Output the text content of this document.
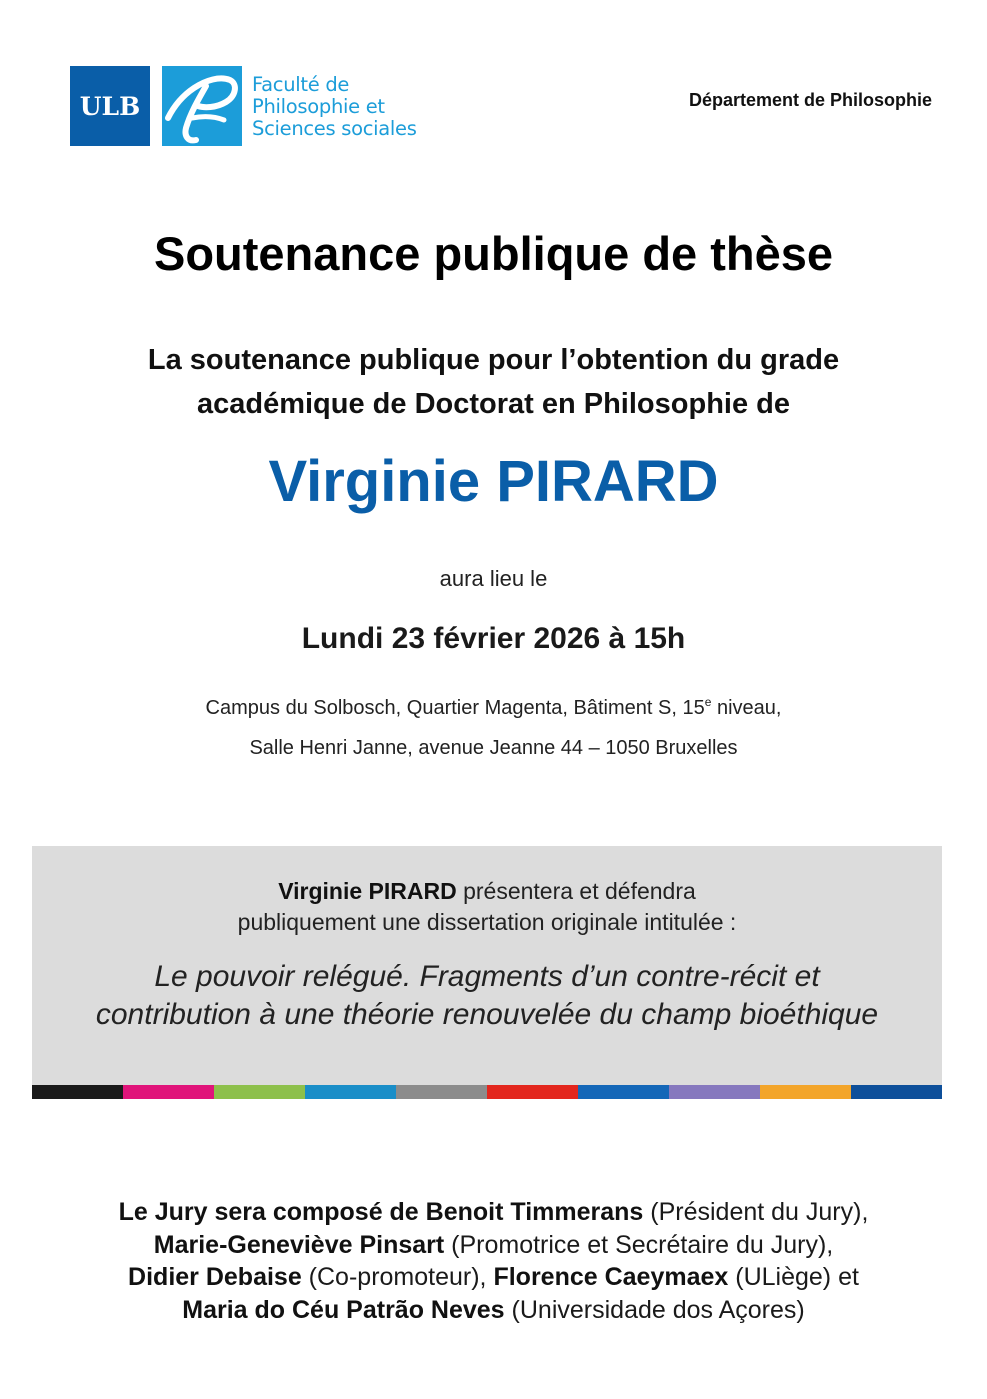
ULB
Faculté de
Philosophie et
Sciences sociales
Département de Philosophie
Soutenance publique de thèse
La soutenance publique pour l’obtention du grade
académique de Doctorat en Philosophie de
Virginie PIRARD
aura lieu le
Lundi 23 février 2026 à 15h
Campus du Solbosch, Quartier Magenta, Bâtiment S, 15e niveau,
Salle Henri Janne, avenue Jeanne 44 – 1050 Bruxelles
Virginie PIRARD présentera et défendra
publiquement une dissertation originale intitulée :
Le pouvoir relégué. Fragments d’un contre-récit et
contribution à une théorie renouvelée du champ bioéthique
Le Jury sera composé de Benoit Timmerans (Président du Jury),
Marie-Geneviève Pinsart (Promotrice et Secrétaire du Jury),
Didier Debaise (Co-promoteur), Florence Caeymaex (ULiège) et
Maria do Céu Patrão Neves (Universidade dos Açores)
